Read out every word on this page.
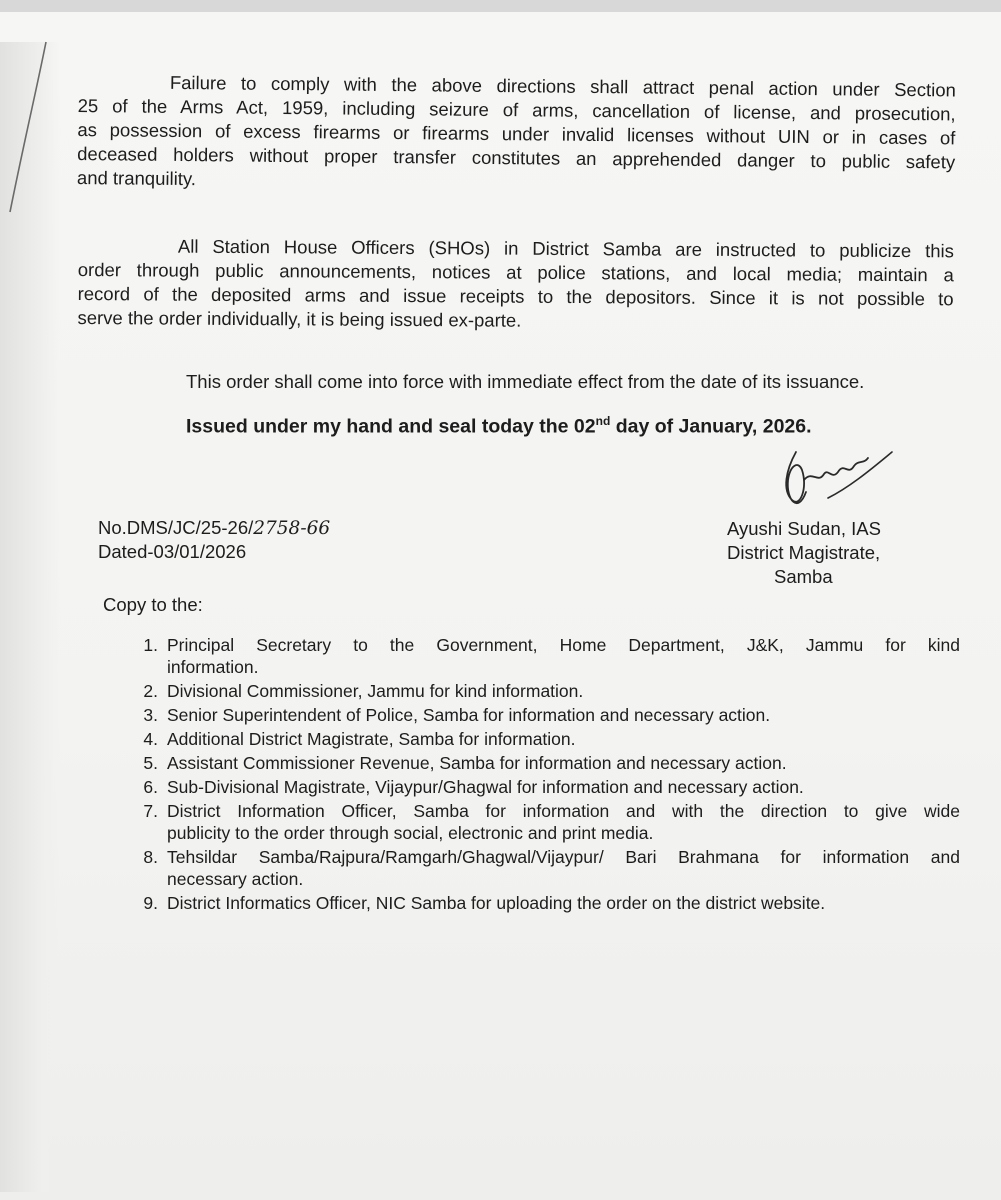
Failure to comply with the above directions shall attract penal action under Section
25 of the Arms Act, 1959, including seizure of arms, cancellation of license, and prosecution,
as possession of excess firearms or firearms under invalid licenses without UIN or in cases of
deceased holders without proper transfer constitutes an apprehended danger to public safety
and tranquility.
All Station House Officers (SHOs) in District Samba are instructed to publicize this
order through public announcements, notices at police stations, and local media; maintain a
record of the deposited arms and issue receipts to the depositors. Since it is not possible to
serve the order individually, it is being issued ex-parte.

This order shall come into force with immediate effect from the date of its issuance.

Issued under my hand and seal today the 02nd day of January, 2026.

No.DMS/JC/25-26/2758-66

Dated-03/01/2026

Ayushi Sudan, IAS

District Magistrate,

Samba

Copy to the:

1. Principal Secretary to the Government, Home Department, J&K, Jammu for kind
information.
2. Divisional Commissioner, Jammu for kind information.
3. Senior Superintendent of Police, Samba for information and necessary action.
4. Additional District Magistrate, Samba for information.
5. Assistant Commissioner Revenue, Samba for information and necessary action.
6. Sub-Divisional Magistrate, Vijaypur/Ghagwal for information and necessary action.
7. District Information Officer, Samba for information and with the direction to give wide
publicity to the order through social, electronic and print media.
8. Tehsildar Samba/Rajpura/Ramgarh/Ghagwal/Vijaypur/ Bari Brahmana for information and
necessary action.
9. District Informatics Officer, NIC Samba for uploading the order on the district website.
